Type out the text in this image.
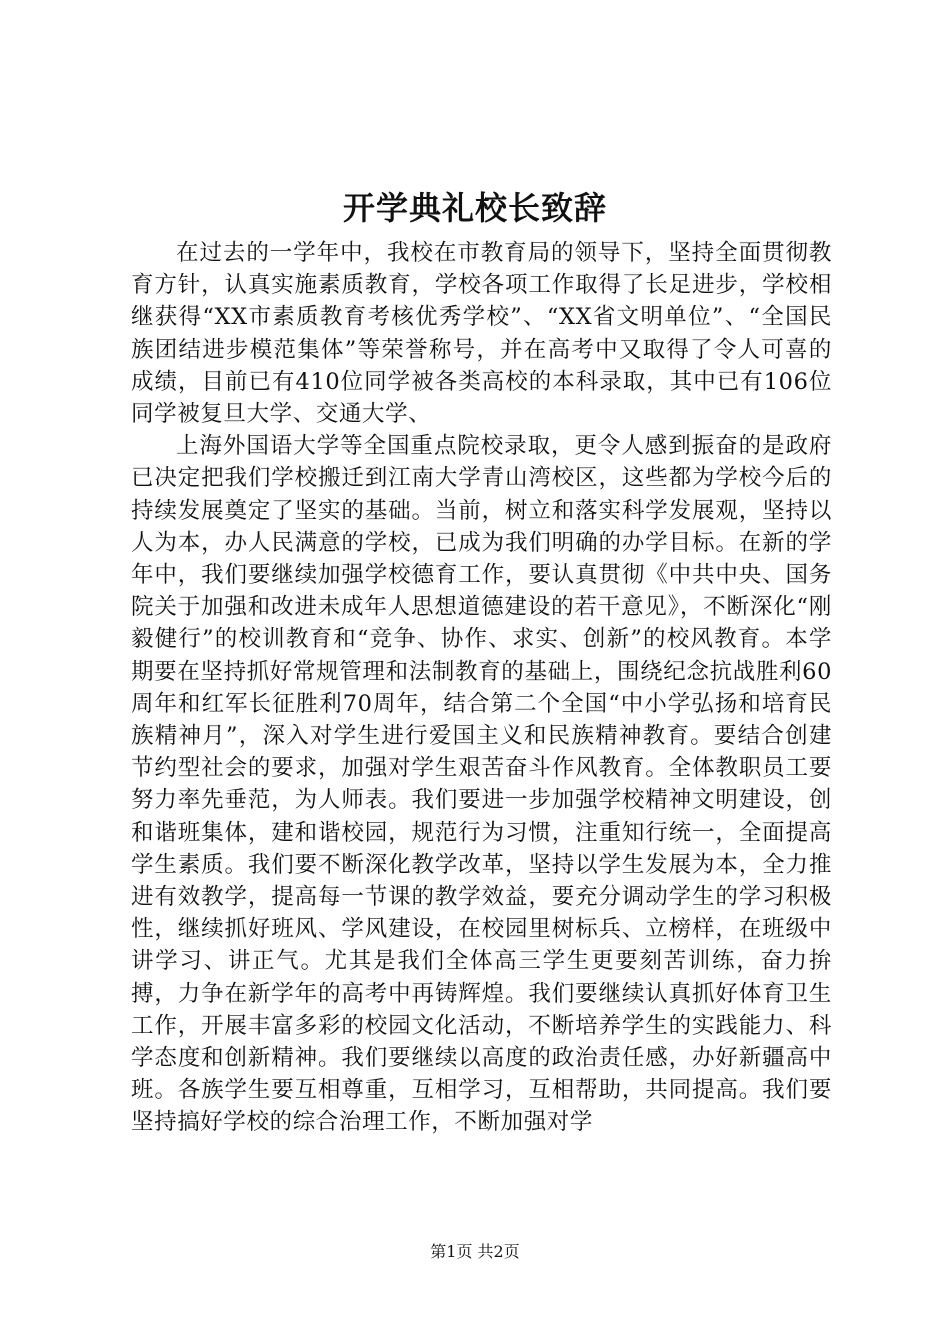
开学典礼校长致辞

在过去的一学年中，我校在市教育局的领导下，坚持全面贯彻教育方针，认真实施素质教育，学校各项工作取得了长足进步，学校相继获得“XX市素质教育考核优秀学校”、“XX省文明单位”、“全国民族团结进步模范集体”等荣誉称号，并在高考中又取得了令人可喜的成绩，目前已有410位同学被各类高校的本科录取，其中已有106位同学被复旦大学、交通大学、

上海外国语大学等全国重点院校录取，更令人感到振奋的是政府已决定把我们学校搬迁到江南大学青山湾校区，这些都为学校今后的持续发展奠定了坚实的基础。当前，树立和落实科学发展观，坚持以人为本，办人民满意的学校，已成为我们明确的办学目标。在新的学年中，我们要继续加强学校德育工作，要认真贯彻《中共中央、国务院关于加强和改进未成年人思想道德建设的若干意见》，不断深化“刚毅健行”的校训教育和“竞争、协作、求实、创新”的校风教育。本学期要在坚持抓好常规管理和法制教育的基础上，围绕纪念抗战胜利60周年和红军长征胜利70周年，结合第二个全国“中小学弘扬和培育民族精神月”，深入对学生进行爱国主义和民族精神教育。要结合创建节约型社会的要求，加强对学生艰苦奋斗作风教育。全体教职员工要努力率先垂范，为人师表。我们要进一步加强学校精神文明建设，创和谐班集体，建和谐校园，规范行为习惯，注重知行统一，全面提高学生素质。我们要不断深化教学改革，坚持以学生发展为本，全力推进有效教学，提高每一节课的教学效益，要充分调动学生的学习积极性，继续抓好班风、学风建设，在校园里树标兵、立榜样，在班级中讲学习、讲正气。尤其是我们全体高三学生更要刻苦训练，奋力拚搏，力争在新学年的高考中再铸辉煌。我们要继续认真抓好体育卫生工作，开展丰富多彩的校园文化活动，不断培养学生的实践能力、科学态度和创新精神。我们要继续以高度的政治责任感，办好新疆高中班。各族学生要互相尊重，互相学习，互相帮助，共同提高。我们要坚持搞好学校的综合治理工作，不断加强对学

第1页 共2页
